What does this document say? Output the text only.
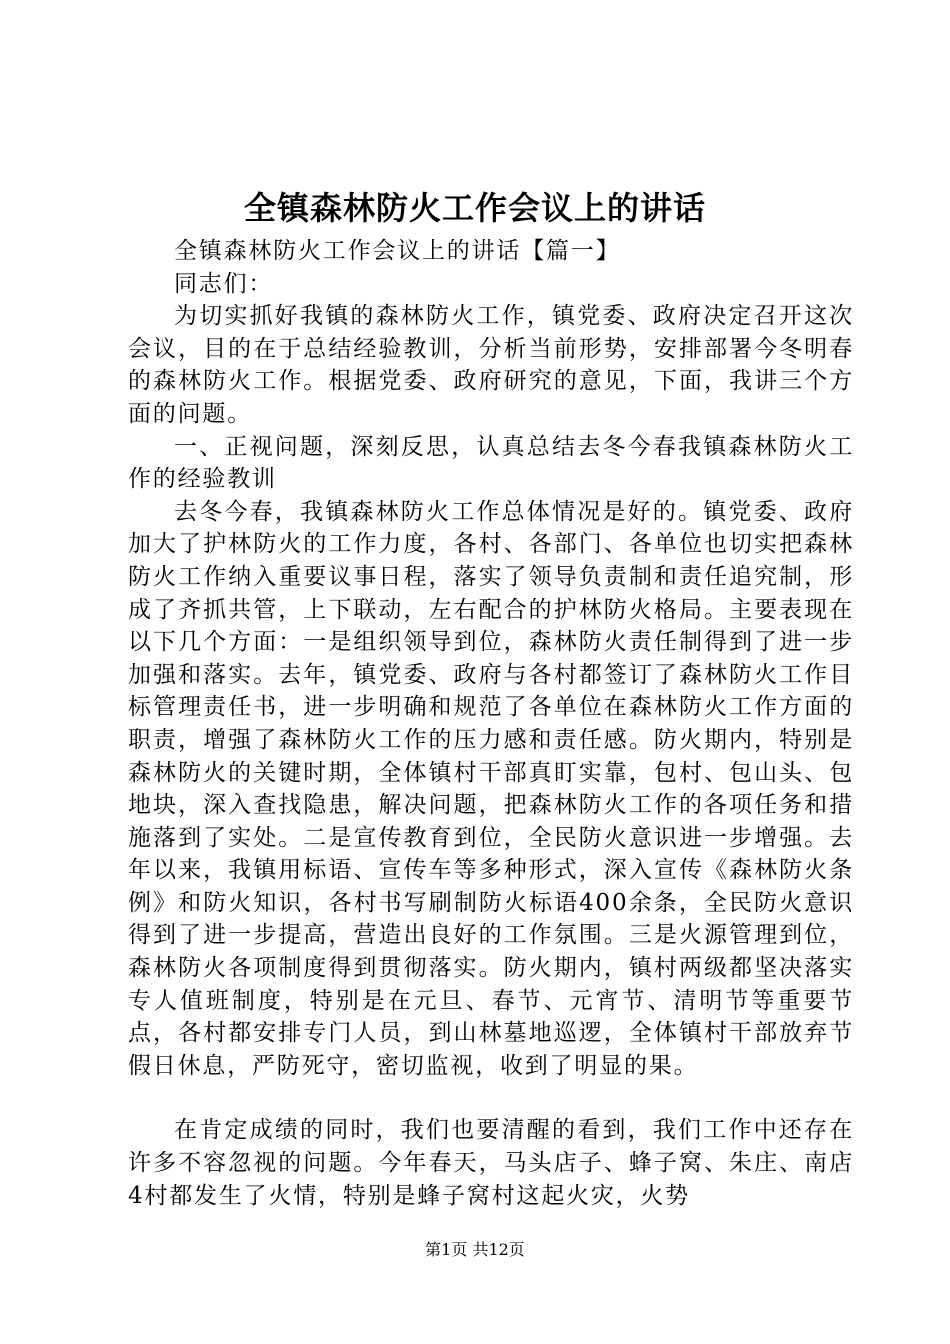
全镇森林防火工作会议上的讲话

全镇森林防火工作会议上的讲话【篇一】

同志们：

为切实抓好我镇的森林防火工作，镇党委、政府决定召开这次会议，目的在于总结经验教训，分析当前形势，安排部署今冬明春的森林防火工作。根据党委、政府研究的意见，下面，我讲三个方面的问题。

一、正视问题，深刻反思，认真总结去冬今春我镇森林防火工作的经验教训

去冬今春，我镇森林防火工作总体情况是好的。镇党委、政府加大了护林防火的工作力度，各村、各部门、各单位也切实把森林防火工作纳入重要议事日程，落实了领导负责制和责任追究制，形成了齐抓共管，上下联动，左右配合的护林防火格局。主要表现在以下几个方面：一是组织领导到位，森林防火责任制得到了进一步加强和落实。去年，镇党委、政府与各村都签订了森林防火工作目标管理责任书，进一步明确和规范了各单位在森林防火工作方面的职责，增强了森林防火工作的压力感和责任感。防火期内，特别是森林防火的关键时期，全体镇村干部真盯实靠，包村、包山头、包地块，深入查找隐患，解决问题，把森林防火工作的各项任务和措施落到了实处。二是宣传教育到位，全民防火意识进一步增强。去年以来，我镇用标语、宣传车等多种形式，深入宣传《森林防火条例》和防火知识，各村书写刷制防火标语400余条，全民防火意识得到了进一步提高，营造出良好的工作氛围。三是火源管理到位，森林防火各项制度得到贯彻落实。防火期内，镇村两级都坚决落实专人值班制度，特别是在元旦、春节、元宵节、清明节等重要节点，各村都安排专门人员，到山林墓地巡逻，全体镇村干部放弃节假日休息，严防死守，密切监视，收到了明显的果。

在肯定成绩的同时，我们也要清醒的看到，我们工作中还存在许多不容忽视的问题。今年春天，马头店子、蜂子窝、朱庄、南店4村都发生了火情，特别是蜂子窝村这起火灾，火势

第1页 共12页
